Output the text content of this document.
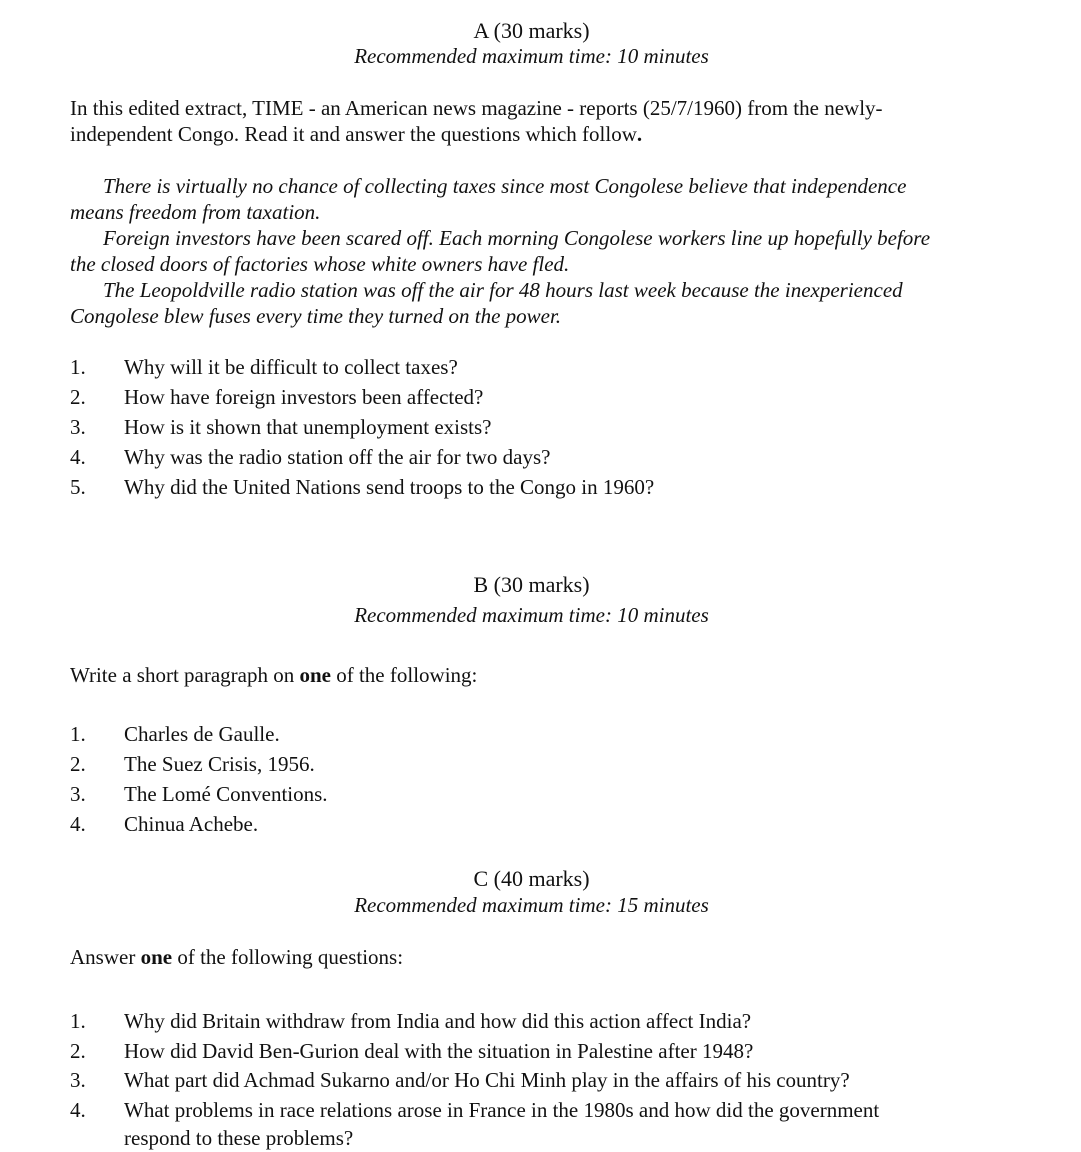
A (30 marks)
Recommended maximum time: 10 minutes
In this edited extract, TIME - an American news magazine - reports (25/7/1960) from the newly-
independent Congo. Read it and answer the questions which follow.
There is virtually no chance of collecting taxes since most Congolese believe that independence
means freedom from taxation.
Foreign investors have been scared off. Each morning Congolese workers line up hopefully before
the closed doors of factories whose white owners have fled.
The Leopoldville radio station was off the air for 48 hours last week because the inexperienced
Congolese blew fuses every time they turned on the power.
1. Why will it be difficult to collect taxes?
2. How have foreign investors been affected?
3. How is it shown that unemployment exists?
4. Why was the radio station off the air for two days?
5. Why did the United Nations send troops to the Congo in 1960?
B (30 marks)
Recommended maximum time: 10 minutes
Write a short paragraph on one of the following:
1. Charles de Gaulle.
2. The Suez Crisis, 1956.
3. The Lomé Conventions.
4. Chinua Achebe.
C (40 marks)
Recommended maximum time: 15 minutes
Answer one of the following questions:
1. Why did Britain withdraw from India and how did this action affect India?
2. How did David Ben-Gurion deal with the situation in Palestine after 1948?
3. What part did Achmad Sukarno and/or Ho Chi Minh play in the affairs of his country?
4. What problems in race relations arose in France in the 1980s and how did the government respond to these problems?
